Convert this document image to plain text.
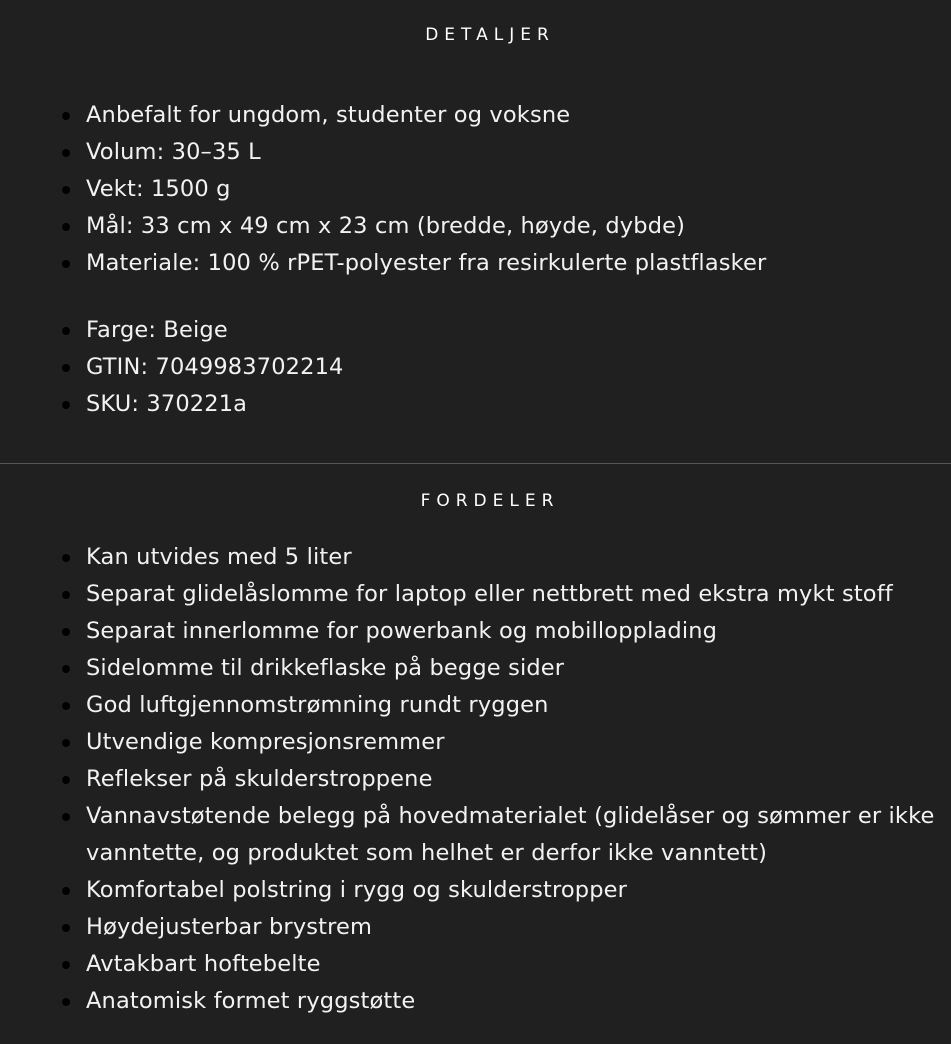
DETALJER
Anbefalt for ungdom, studenter og voksne
Volum: 30–35 L
Vekt: 1500 g
Mål: 33 cm x 49 cm x 23 cm (bredde, høyde, dybde)
Materiale: 100 % rPET-polyester fra resirkulerte plastflasker
Farge: Beige
GTIN: 7049983702214
SKU: 370221a
FORDELER
Kan utvides med 5 liter
Separat glidelåslomme for laptop eller nettbrett med ekstra mykt stoff
Separat innerlomme for powerbank og mobillopplading
Sidelomme til drikkeflaske på begge sider
God luftgjennomstrømning rundt ryggen
Utvendige kompresjonsremmer
Reflekser på skulderstroppene
Vannavstøtende belegg på hovedmaterialet (glidelåser og sømmer er ikke vanntette, og produktet som helhet er derfor ikke vanntett)
Komfortabel polstring i rygg og skulderstropper
Høydejusterbar brystrem
Avtakbart hoftebelte
Anatomisk formet ryggstøtte
